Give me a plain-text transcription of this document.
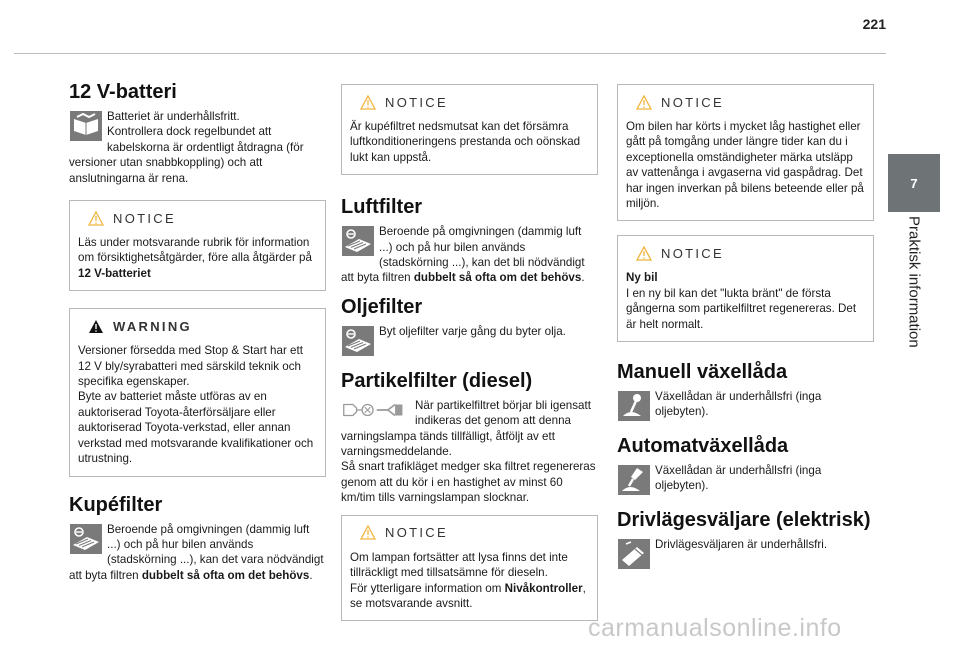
221
7
Praktisk information
12 V-batteri

Batteriet är underhållsfritt.
Kontrollera dock regelbundet att kabelskorna är ordentligt åtdragna (för versioner utan snabbkoppling) och att anslutningarna är rena.

NOTICE

Läs under motsvarande rubrik för information om försiktighetsåtgärder, före alla åtgärder på 12 V-batteriet

WARNING

Versioner försedda med Stop & Start har ett 12 V bly/syrabatteri med särskild teknik och specifika egenskaper.
Byte av batteriet måste utföras av en auktoriserad Toyota-återförsäljare eller auktoriserad Toyota-verkstad, eller annan verkstad med motsvarande kvalifikationer och utrustning.

Kupéfilter

Beroende på omgivningen (dammig luft ...) och på hur bilen används (stadskörning ...), kan det vara nödvändigt att byta filtren dubbelt så ofta om det behövs.

NOTICE

Är kupéfiltret nedsmutsat kan det försämra luftkonditioneringens prestanda och oönskad lukt kan uppstå.

Luftfilter

Beroende på omgivningen (dammig luft ...) och på hur bilen används (stadskörning ...), kan det bli nödvändigt att byta filtren dubbelt så ofta om det behövs.

Oljefilter

Byt oljefilter varje gång du byter olja.

Partikelfilter (diesel)

När partikelfiltret börjar bli igensatt indikeras det genom att denna varningslampa tänds tillfälligt, åtföljt av ett varningsmeddelande.
Så snart trafikläget medger ska filtret regenereras genom att du kör i en hastighet av minst 60 km/tim tills varningslampan slocknar.

NOTICE

Om lampan fortsätter att lysa finns det inte tillräckligt med tillsatsämne för dieseln.
För ytterligare information om Nivåkontroller, se motsvarande avsnitt.

NOTICE

Om bilen har körts i mycket låg hastighet eller gått på tomgång under längre tider kan du i exceptionella omständigheter märka utsläpp av vattenånga i avgaserna vid gaspådrag. Det har ingen inverkan på bilens beteende eller på miljön.

NOTICE

Ny bil

I en ny bil kan det "lukta bränt" de första gångerna som partikelfiltret regenereras. Det är helt normalt.

Manuell växellåda

Växellådan är underhållsfri (inga oljebyten).

Automatväxellåda

Växellådan är underhållsfri (inga oljebyten).

Drivlägesväljare (elektrisk)

Drivlägesväljaren är underhållsfri.

carmanualsonline.info
